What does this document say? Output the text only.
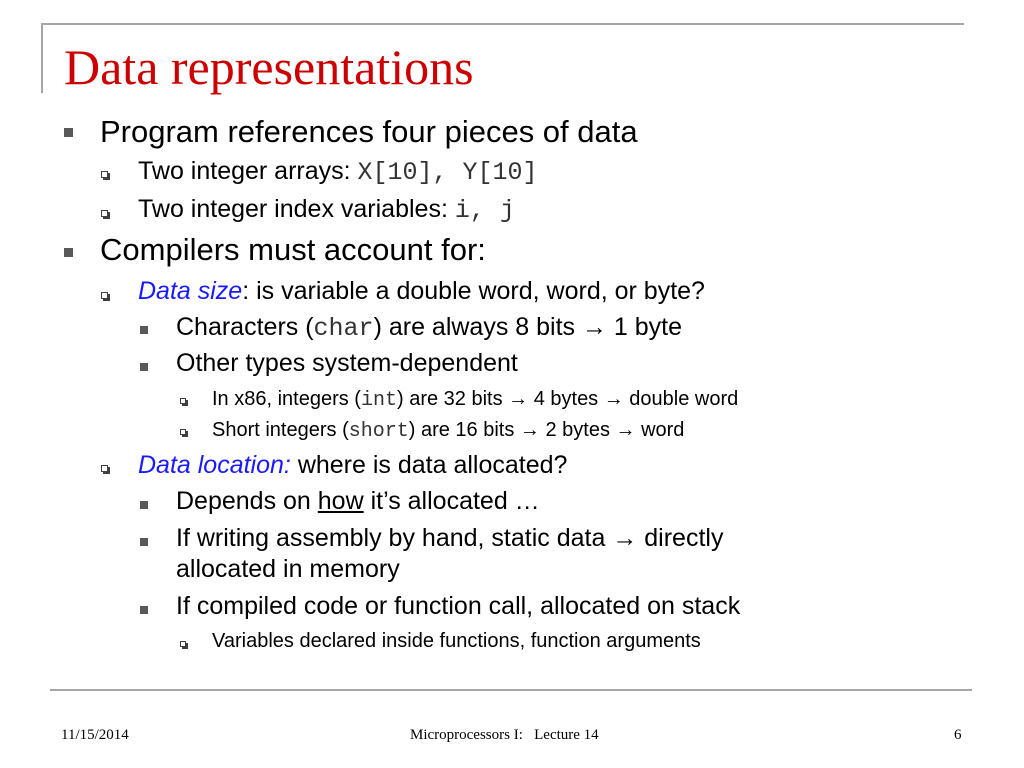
Data representations
Program references four pieces of data
Two integer arrays: X[10], Y[10]
Two integer index variables: i, j
Compilers must account for:
Data size: is variable a double word, word, or byte?
Characters (char) are always 8 bits → 1 byte
Other types system-dependent
In x86, integers (int) are 32 bits → 4 bytes → double word
Short integers (short) are 16 bits → 2 bytes → word
Data location: where is data allocated?
Depends on how it’s allocated …
If writing assembly by hand, static data → directly
allocated in memory
If compiled code or function call, allocated on stack
Variables declared inside functions, function arguments
11/15/2014	Microprocessors I:   Lecture 14	6
